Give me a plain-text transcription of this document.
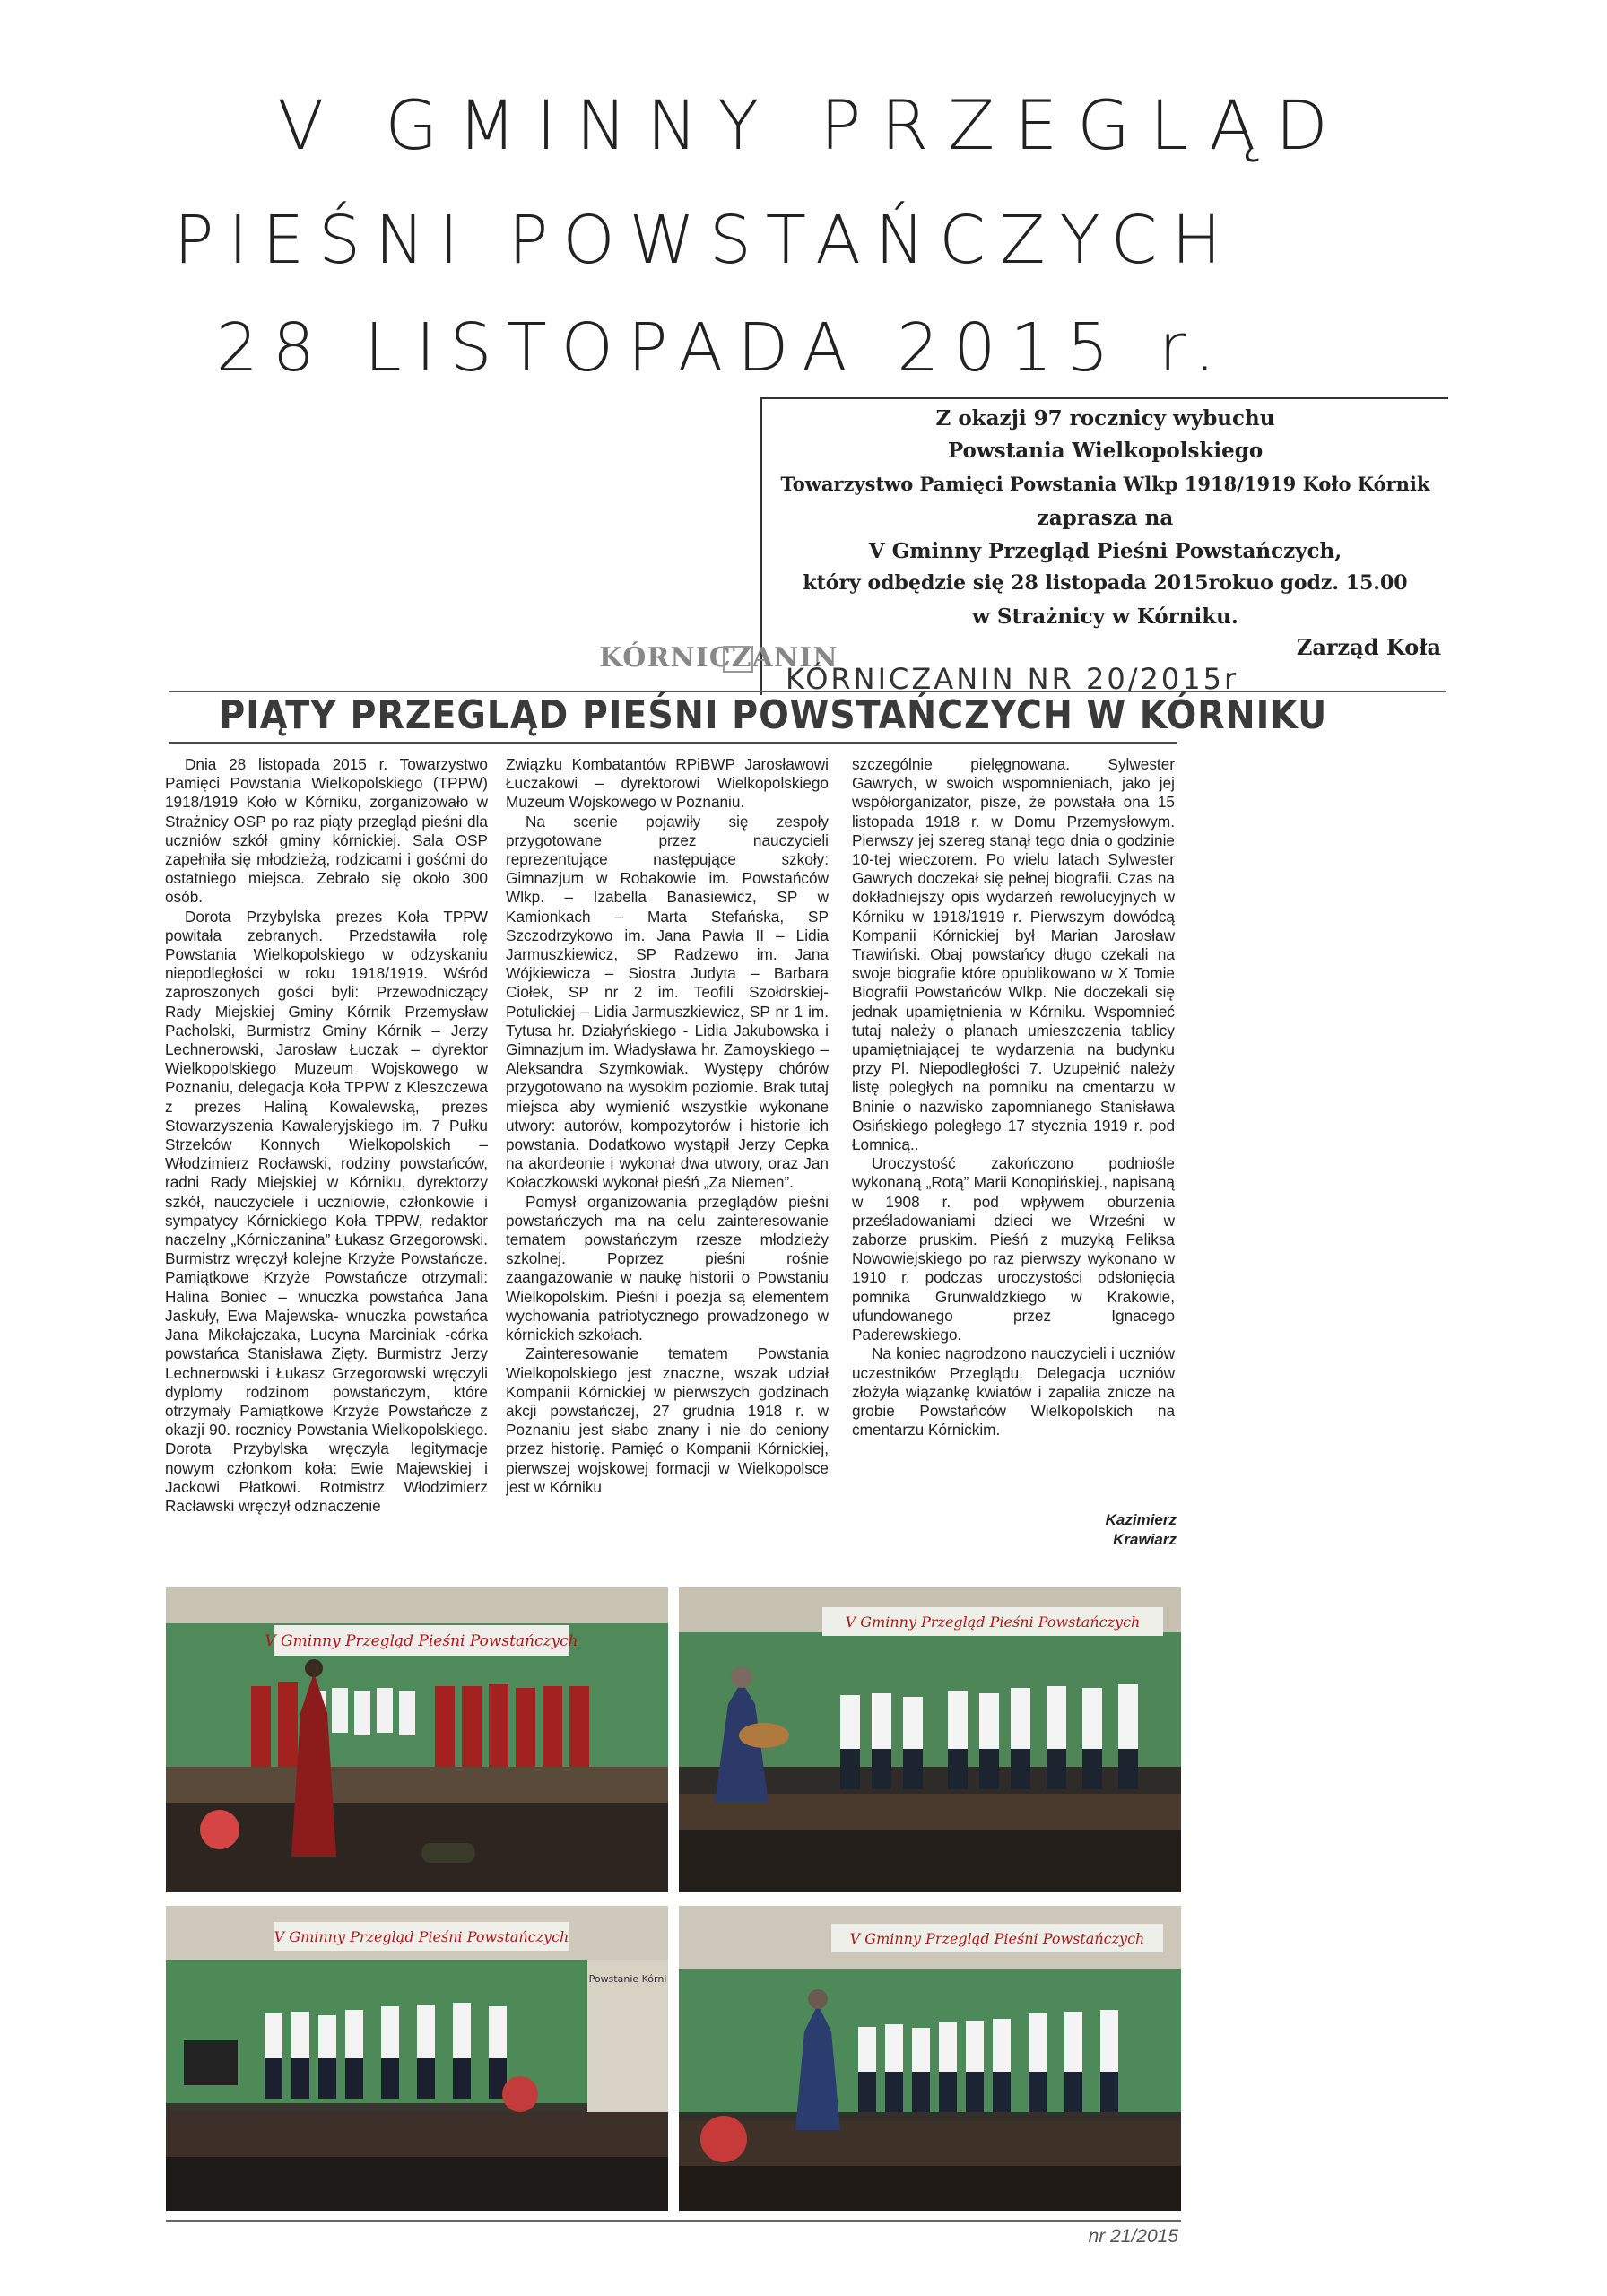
V GMINNY PRZEGLĄD
PIEŚNI POWSTAŃCZYCH
28 LISTOPADA 2015 r.
Z okazji 97 rocznicy wybuchu
Powstania Wielkopolskiego
Towarzystwo Pamięci Powstania Wlkp 1918/1919 Koło Kórnik
zaprasza na
V Gminny Przegląd Pieśni Powstańczych,
który odbędzie się 28 listopada 2015rokuo godz. 15.00
w Strażnicy w Kórniku.
Zarząd Koła
KÓRNICZANIN
KÓRNICZANIN NR 20/2015r
PIĄTY PRZEGLĄD PIEŚNI POWSTAŃCZYCH W KÓRNIKU

Dnia 28 listopada 2015 r. Towarzystwo Pamięci Powstania Wielkopolskiego (TPPW) 1918/1919 Koło w Kórniku, zorganizowało w Strażnicy OSP po raz piąty przegląd pieśni dla uczniów szkół gminy kórnickiej. Sala OSP zapełniła się młodzieżą, rodzicami i gośćmi do ostatniego miejsca. Zebrało się około 300 osób.

Dorota Przybylska prezes Koła TPPW powitała zebranych. Przedstawiła rolę Powstania Wielkopolskiego w odzyskaniu niepodległości w roku 1918/1919. Wśród zaproszonych gości byli: Przewodniczący Rady Miejskiej Gminy Kórnik Przemysław Pacholski, Burmistrz Gminy Kórnik – Jerzy Lechnerowski, Jarosław Łuczak – dyrektor Wielkopolskiego Muzeum Wojskowego w Poznaniu, delegacja Koła TPPW z Kleszczewa z prezes Haliną Kowalewską, prezes Stowarzyszenia Kawaleryjskiego im. 7 Pułku Strzelców Konnych Wielkopolskich – Włodzimierz Rocławski, rodziny powstańców, radni Rady Miejskiej w Kórniku, dyrektorzy szkół, nauczyciele i uczniowie, członkowie i sympatycy Kórnickiego Koła TPPW, redaktor naczelny „Kórniczanina” Łukasz Grzegorowski. Burmistrz wręczył kolejne Krzyże Powstańcze. Pamiątkowe Krzyże Powstańcze otrzymali: Halina Boniec – wnuczka powstańca Jana Jaskuły, Ewa Majewska- wnuczka powstańca Jana Mikołajczaka, Lucyna Marciniak -córka powstańca Stanisława Zięty. Burmistrz Jerzy Lechnerowski i Łukasz Grzegorowski wręczyli dyplomy rodzinom powstańczym, które otrzymały Pamiątkowe Krzyże Powstańcze z okazji 90. rocznicy Powstania Wielkopolskiego. Dorota Przybylska wręczyła legitymacje nowym członkom koła: Ewie Majewskiej i Jackowi Płatkowi. Rotmistrz Włodzimierz Racławski wręczył odznaczenie

Związku Kombatantów RPiBWP Jarosławowi Łuczakowi – dyrektorowi Wielkopolskiego Muzeum Wojskowego w Poznaniu.

Na scenie pojawiły się zespoły przygotowane przez nauczycieli reprezentujące następujące szkoły: Gimnazjum w Robakowie im. Powstańców Wlkp. – Izabella Banasiewicz, SP w Kamionkach – Marta Stefańska, SP Szczodrzykowo im. Jana Pawła II – Lidia Jarmuszkiewicz, SP Radzewo im. Jana Wójkiewicza – Siostra Judyta – Barbara Ciołek, SP nr 2 im. Teofili Szołdrskiej-Potulickiej – Lidia Jarmuszkiewicz, SP nr 1 im. Tytusa hr. Działyńskiego - Lidia Jakubowska i Gimnazjum im. Władysława hr. Zamoyskiego – Aleksandra Szymkowiak. Występy chórów przygotowano na wysokim poziomie. Brak tutaj miejsca aby wymienić wszystkie wykonane utwory: autorów, kompozytorów i historie ich powstania. Dodatkowo wystąpił Jerzy Cepka na akordeonie i wykonał dwa utwory, oraz Jan Kołaczkowski wykonał pieśń „Za Niemen”.

Pomysł organizowania przeglądów pieśni powstańczych ma na celu zainteresowanie tematem powstańczym rzesze młodzieży szkolnej. Poprzez pieśni rośnie zaangażowanie w naukę historii o Powstaniu Wielkopolskim. Pieśni i poezja są elementem wychowania patriotycznego prowadzonego w kórnickich szkołach.

Zainteresowanie tematem Powstania Wielkopolskiego jest znaczne, wszak udział Kompanii Kórnickiej w pierwszych godzinach akcji powstańczej, 27 grudnia 1918 r. w Poznaniu jest słabo znany i nie do ceniony przez historię. Pamięć o Kompanii Kórnickiej, pierwszej wojskowej formacji w Wielkopolsce jest w Kórniku

szczególnie pielęgnowana. Sylwester Gawrych, w swoich wspomnieniach, jako jej współorganizator, pisze, że powstała ona 15 listopada 1918 r. w Domu Przemysłowym. Pierwszy jej szereg stanął tego dnia o godzinie 10-tej wieczorem. Po wielu latach Sylwester Gawrych doczekał się pełnej biografii. Czas na dokładniejszy opis wydarzeń rewolucyjnych w Kórniku w 1918/1919 r. Pierwszym dowódcą Kompanii Kórnickiej był Marian Jarosław Trawiński. Obaj powstańcy długo czekali na swoje biografie które opublikowano w X Tomie Biografii Powstańców Wlkp. Nie doczekali się jednak upamiętnienia w Kórniku. Wspomnieć tutaj należy o planach umieszczenia tablicy upamiętniającej te wydarzenia na budynku przy Pl. Niepodległości 7. Uzupełnić należy listę poległych na pomniku na cmentarzu w Bninie o nazwisko zapomnianego Stanisława Osińskiego poległego 17 stycznia 1919 r. pod Łomnicą..

Uroczystość zakończono podniośle wykonaną „Rotą” Marii Konopińskiej., napisaną w 1908 r. pod wpływem oburzenia prześladowaniami dzieci we Wrześni w zaborze pruskim. Pieśń z muzyką Feliksa Nowowiejskiego po raz pierwszy wykonano w 1910 r. podczas uroczystości odsłonięcia pomnika Grunwaldzkiego w Krakowie, ufundowanego przez Ignacego Paderewskiego.

Na koniec nagrodzono nauczycieli i uczniów uczestników Przeglądu. Delegacja uczniów złożyła wiązankę kwiatów i zapaliła znicze na grobie Powstańców Wielkopolskich na cmentarzu Kórnickim.

Kazimierz
Krawiarz
V Gminny Przegląd Pieśni Powstańczych
V Gminny Przegląd Pieśni Powstańczych
V Gminny Przegląd Pieśni Powstańczych
Powstanie Kórni
V Gminny Przegląd Pieśni Powstańczych
nr 21/2015
